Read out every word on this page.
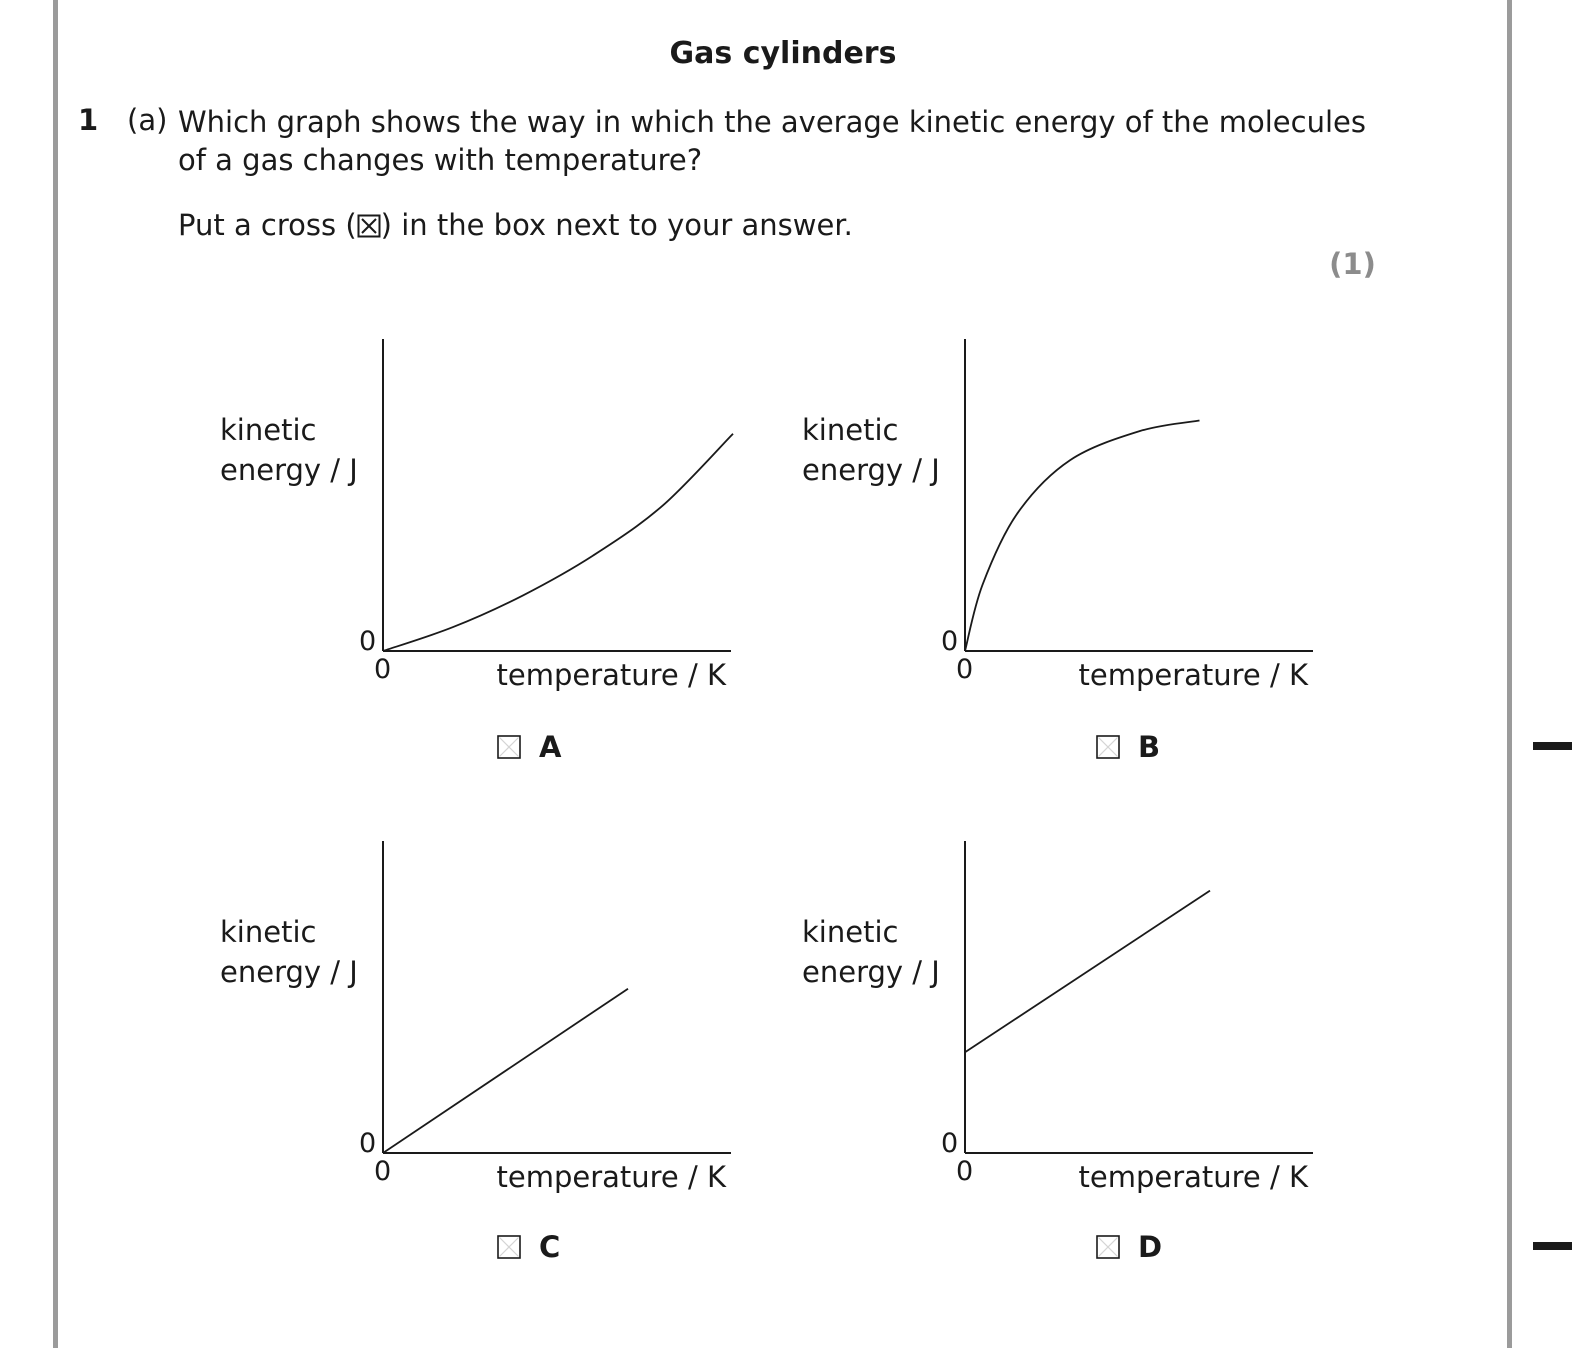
Gas cylinders
1 (a) Which graph shows the way in which the average kinetic energy of the molecules of a gas changes with temperature?
Put a cross (☒) in the box next to your answer.
(1)
kinetic energy / J
0
0	temperature / K
kinetic energy / J
0
0	temperature / K
kinetic energy / J
0
0	temperature / K
kinetic energy / J
0
0	temperature / K
A	B
C	D
